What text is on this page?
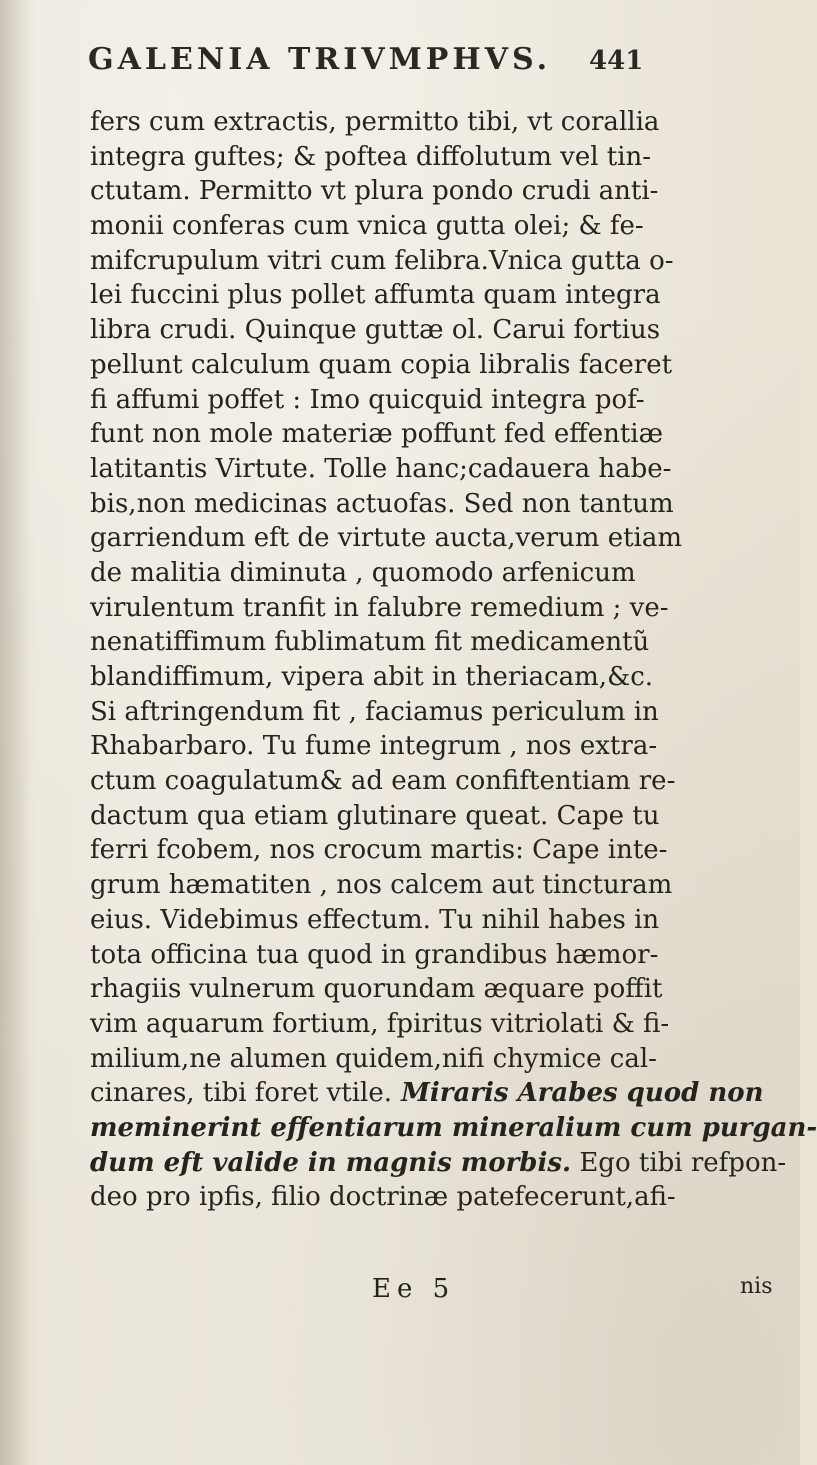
GALENIA TRIVMPHVS. 441
fers cum extractis, permitto tibi, vt corallia
integra guftes; & poftea diffolutum vel tin-
ctutam. Permitto vt plura pondo crudi anti-
monii conferas cum vnica gutta olei; & fe-
mifcrupulum vitri cum felibra.Vnica gutta o-
lei fuccini plus pollet affumta quam integra
libra crudi. Quinque guttæ ol. Carui fortius
pellunt calculum quam copia libralis faceret
fi affumi poffet : Imo quicquid integra pof-
funt non mole materiæ poffunt fed effentiæ
latitantis Virtute. Tolle hanc;cadauera habe-
bis,non medicinas actuofas. Sed non tantum
garriendum eft de virtute aucta,verum etiam
de malitia diminuta , quomodo arfenicum
virulentum tranfit in falubre remedium ; ve-
nenatiffimum fublimatum fit medicamentũ
blandiffimum, vipera abit in theriacam,&c.
Si aftringendum fit , faciamus periculum in
Rhabarbaro. Tu fume integrum , nos extra-
ctum coagulatum& ad eam confiftentiam re-
dactum qua etiam glutinare queat. Cape tu
ferri fcobem, nos crocum martis: Cape inte-
grum hæmatiten , nos calcem aut tincturam
eius. Videbimus effectum. Tu nihil habes in
tota officina tua quod in grandibus hæmor-
rhagiis vulnerum quorundam æquare poffit
vim aquarum fortium, fpiritus vitriolati & fi-
milium,ne alumen quidem,nifi chymice cal-
cinares, tibi foret vtile. Miraris Arabes quod non
meminerint effentiarum mineralium cum purgan-
dum eft valide in magnis morbis. Ego tibi refpon-
deo pro ipfis, filio doctrinæ patefecerunt,afi-
Ee 5	nis
